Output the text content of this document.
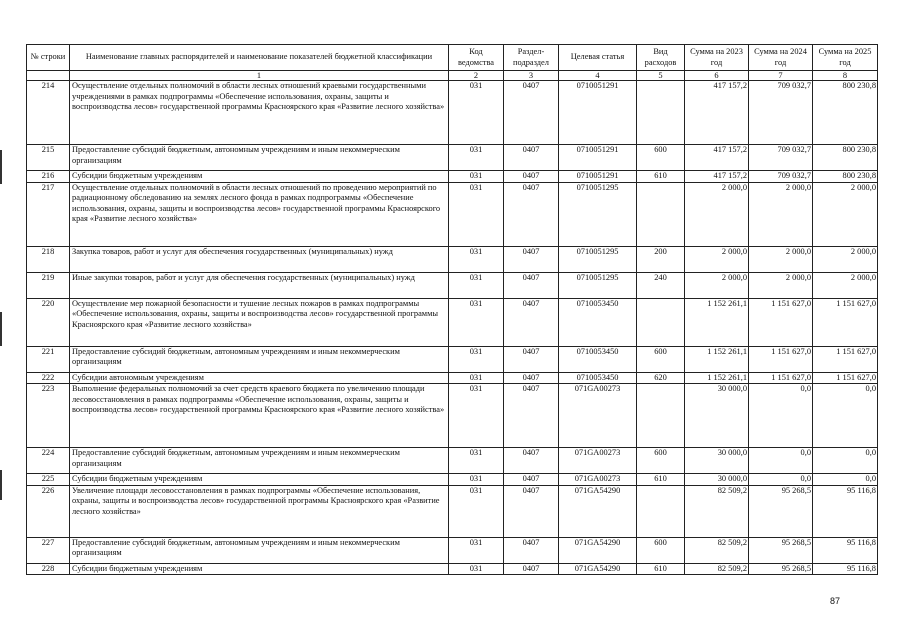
№ строки	Наименование главных распорядителей и наименование показателей бюджетной классификации	Код ведомства	Раздел-подраздел	Целевая статья	Вид расходов	Сумма на 2023 год	Сумма на 2024 год	Сумма на 2025 год
	1	2	3	4	5	6	7	8
214	Осуществление отдельных полномочий в области лесных отношений краевыми государственными учреждениями в рамках подпрограммы «Обеспечение использования, охраны, защиты и воспроизводства лесов» государственной программы Красноярского края «Развитие лесного хозяйства»	031	0407	0710051291		417 157,2	709 032,7	800 230,8
215	Предоставление субсидий бюджетным, автономным учреждениям и иным некоммерческим организациям	031	0407	0710051291	600	417 157,2	709 032,7	800 230,8
216	Субсидии бюджетным учреждениям	031	0407	0710051291	610	417 157,2	709 032,7	800 230,8
217	Осуществление отдельных полномочий в области лесных отношений по проведению мероприятий по радиационному обследованию на землях лесного фонда в рамках подпрограммы «Обеспечение использования, охраны, защиты и воспроизводства лесов» государственной программы Красноярского края «Развитие лесного хозяйства»	031	0407	0710051295		2 000,0	2 000,0	2 000,0
218	Закупка товаров, работ и услуг для обеспечения государственных (муниципальных) нужд	031	0407	0710051295	200	2 000,0	2 000,0	2 000,0
219	Иные закупки товаров, работ и услуг для обеспечения государственных (муниципальных) нужд	031	0407	0710051295	240	2 000,0	2 000,0	2 000,0
220	Осуществление мер пожарной безопасности и тушение лесных пожаров в рамках подпрограммы «Обеспечение использования, охраны, защиты и воспроизводства лесов» государственной программы Красноярского края «Развитие лесного хозяйства»	031	0407	0710053450		1 152 261,1	1 151 627,0	1 151 627,0
221	Предоставление субсидий бюджетным, автономным учреждениям и иным некоммерческим организациям	031	0407	0710053450	600	1 152 261,1	1 151 627,0	1 151 627,0
222	Субсидии автономным учреждениям	031	0407	0710053450	620	1 152 261,1	1 151 627,0	1 151 627,0
223	Выполнение федеральных полномочий за счет средств краевого бюджета по увеличению площади лесовосстановления в рамках подпрограммы «Обеспечение использования, охраны, защиты и воспроизводства лесов» государственной программы Красноярского края «Развитие лесного хозяйства»	031	0407	071GA00273		30 000,0	0,0	0,0
224	Предоставление субсидий бюджетным, автономным учреждениям и иным некоммерческим организациям	031	0407	071GA00273	600	30 000,0	0,0	0,0
225	Субсидии бюджетным учреждениям	031	0407	071GA00273	610	30 000,0	0,0	0,0
226	Увеличение площади лесовосстановления в рамках подпрограммы «Обеспечение использования, охраны, защиты и воспроизводства лесов» государственной программы Красноярского края «Развитие лесного хозяйства»	031	0407	071GA54290		82 509,2	95 268,5	95 116,8
227	Предоставление субсидий бюджетным, автономным учреждениям и иным некоммерческим организациям	031	0407	071GA54290	600	82 509,2	95 268,5	95 116,8
228	Субсидии бюджетным учреждениям	031	0407	071GA54290	610	82 509,2	95 268,5	95 116,8
87
